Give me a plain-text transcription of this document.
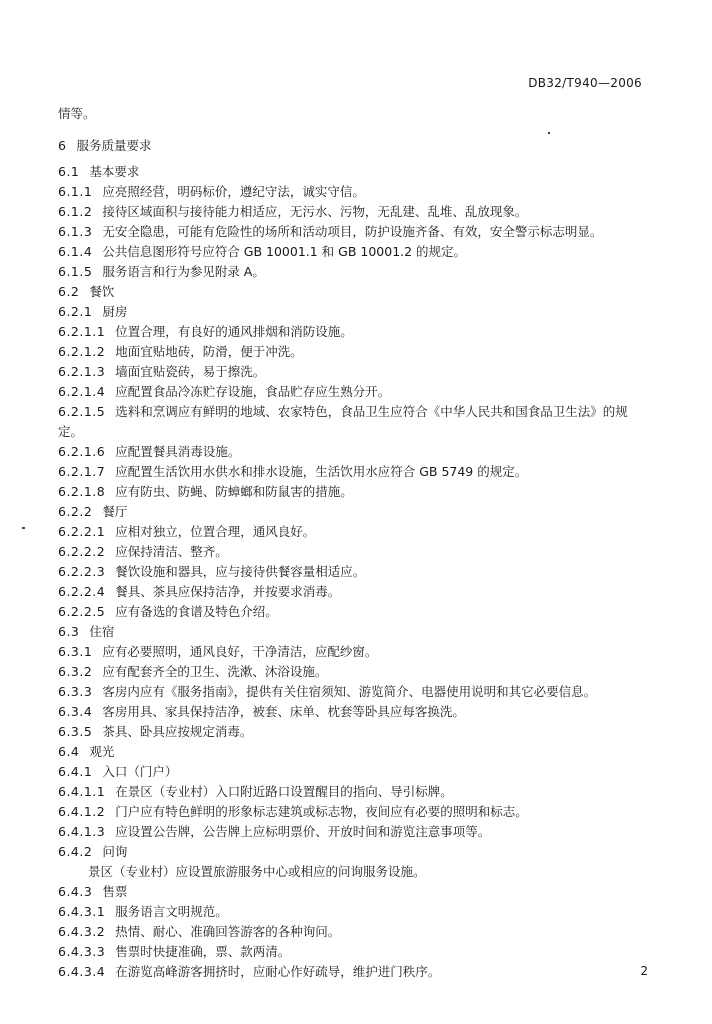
DB32/T940—2006
情等。
6 服务质量要求
6.1 基本要求
6.1.1 应亮照经营，明码标价，遵纪守法，诚实守信。
6.1.2 接待区域面积与接待能力相适应，无污水、污物，无乱建、乱堆、乱放现象。
6.1.3 无安全隐患，可能有危险性的场所和活动项目，防护设施齐备、有效，安全警示标志明显。
6.1.4 公共信息图形符号应符合 GB 10001.1 和 GB 10001.2 的规定。
6.1.5 服务语言和行为参见附录 A。
6.2 餐饮
6.2.1 厨房
6.2.1.1 位置合理，有良好的通风排烟和消防设施。
6.2.1.2 地面宜贴地砖，防滑，便于冲洗。
6.2.1.3 墙面宜贴瓷砖，易于擦洗。
6.2.1.4 应配置食品冷冻贮存设施，食品贮存应生熟分开。
6.2.1.5 选料和烹调应有鲜明的地域、农家特色，食品卫生应符合《中华人民共和国食品卫生法》的规
定。
6.2.1.6 应配置餐具消毒设施。
6.2.1.7 应配置生活饮用水供水和排水设施，生活饮用水应符合 GB 5749 的规定。
6.2.1.8 应有防虫、防蝇、防蟑螂和防鼠害的措施。
6.2.2 餐厅
6.2.2.1 应相对独立，位置合理，通风良好。
6.2.2.2 应保持清洁、整齐。
6.2.2.3 餐饮设施和器具，应与接待供餐容量相适应。
6.2.2.4 餐具、茶具应保持洁净，并按要求消毒。
6.2.2.5 应有备选的食谱及特色介绍。
6.3 住宿
6.3.1 应有必要照明，通风良好，干净清洁，应配纱窗。
6.3.2 应有配套齐全的卫生、洗漱、沐浴设施。
6.3.3 客房内应有《服务指南》，提供有关住宿须知、游览简介、电器使用说明和其它必要信息。
6.3.4 客房用具、家具保持洁净，被套、床单、枕套等卧具应每客换洗。
6.3.5 茶具、卧具应按规定消毒。
6.4 观光
6.4.1 入口（门户）
6.4.1.1 在景区（专业村）入口附近路口设置醒目的指向、导引标牌。
6.4.1.2 门户应有特色鲜明的形象标志建筑或标志物，夜间应有必要的照明和标志。
6.4.1.3 应设置公告牌，公告牌上应标明票价、开放时间和游览注意事项等。
6.4.2 问询
景区（专业村）应设置旅游服务中心或相应的问询服务设施。
6.4.3 售票
6.4.3.1 服务语言文明规范。
6.4.3.2 热情、耐心、准确回答游客的各种询问。
6.4.3.3 售票时快捷准确，票、款两清。
6.4.3.4 在游览高峰游客拥挤时，应耐心作好疏导，维护进门秩序。	2
